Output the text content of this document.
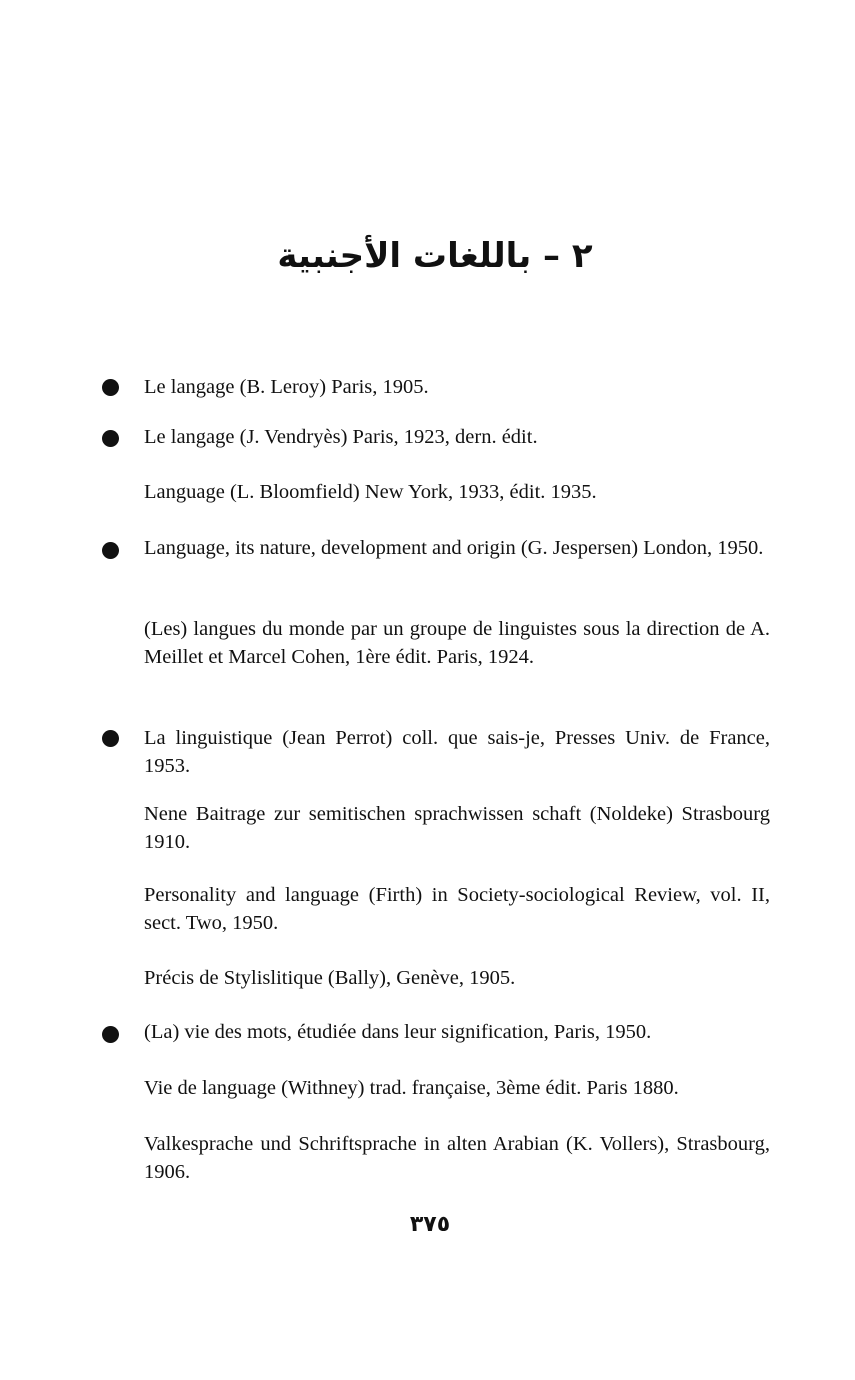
٢ – باللغات الأجنبية
Le langage (B. Leroy) Paris, 1905.
Le langage (J. Vendryès) Paris, 1923, dern. édit.
Language (L. Bloomfield) New York, 1933, édit. 1935.
Language, its nature, development and origin (G. Jespersen) London, 1950.
(Les) langues du monde par un groupe de linguistes sous la direction de A. Meillet et Marcel Cohen, 1ère édit. Paris, 1924.
La linguistique (Jean Perrot) coll. que sais-je, Presses Univ. de France, 1953.
Nene Baitrage zur semitischen sprachwissen schaft (Noldeke) Strasbourg 1910.
Personality and language (Firth) in Society-sociological Review, vol. II, sect. Two, 1950.
Précis de Stylislitique (Bally), Genève, 1905.
(La) vie des mots, étudiée dans leur signification, Paris, 1950.
Vie de language (Withney) trad. française, 3ème édit. Paris 1880.
Valkesprache und Schriftsprache in alten Arabian (K. Vollers), Strasbourg, 1906.
٣٧٥
